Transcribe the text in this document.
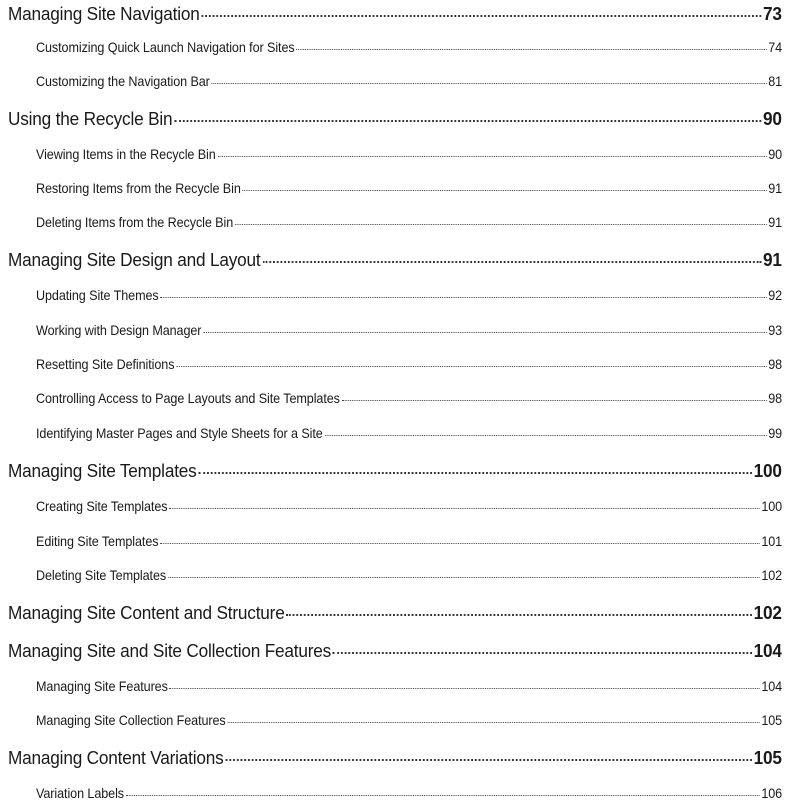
Managing Site Navigation	73
Customizing Quick Launch Navigation for Sites	74
Customizing the Navigation Bar	81
Using the Recycle Bin	90
Viewing Items in the Recycle Bin	90
Restoring Items from the Recycle Bin	91
Deleting Items from the Recycle Bin	91
Managing Site Design and Layout	91
Updating Site Themes	92
Working with Design Manager	93
Resetting Site Definitions	98
Controlling Access to Page Layouts and Site Templates	98
Identifying Master Pages and Style Sheets for a Site	99
Managing Site Templates	100
Creating Site Templates	100
Editing Site Templates	101
Deleting Site Templates	102
Managing Site Content and Structure	102
Managing Site and Site Collection Features	104
Managing Site Features	104
Managing Site Collection Features	105
Managing Content Variations	105
Variation Labels	106
